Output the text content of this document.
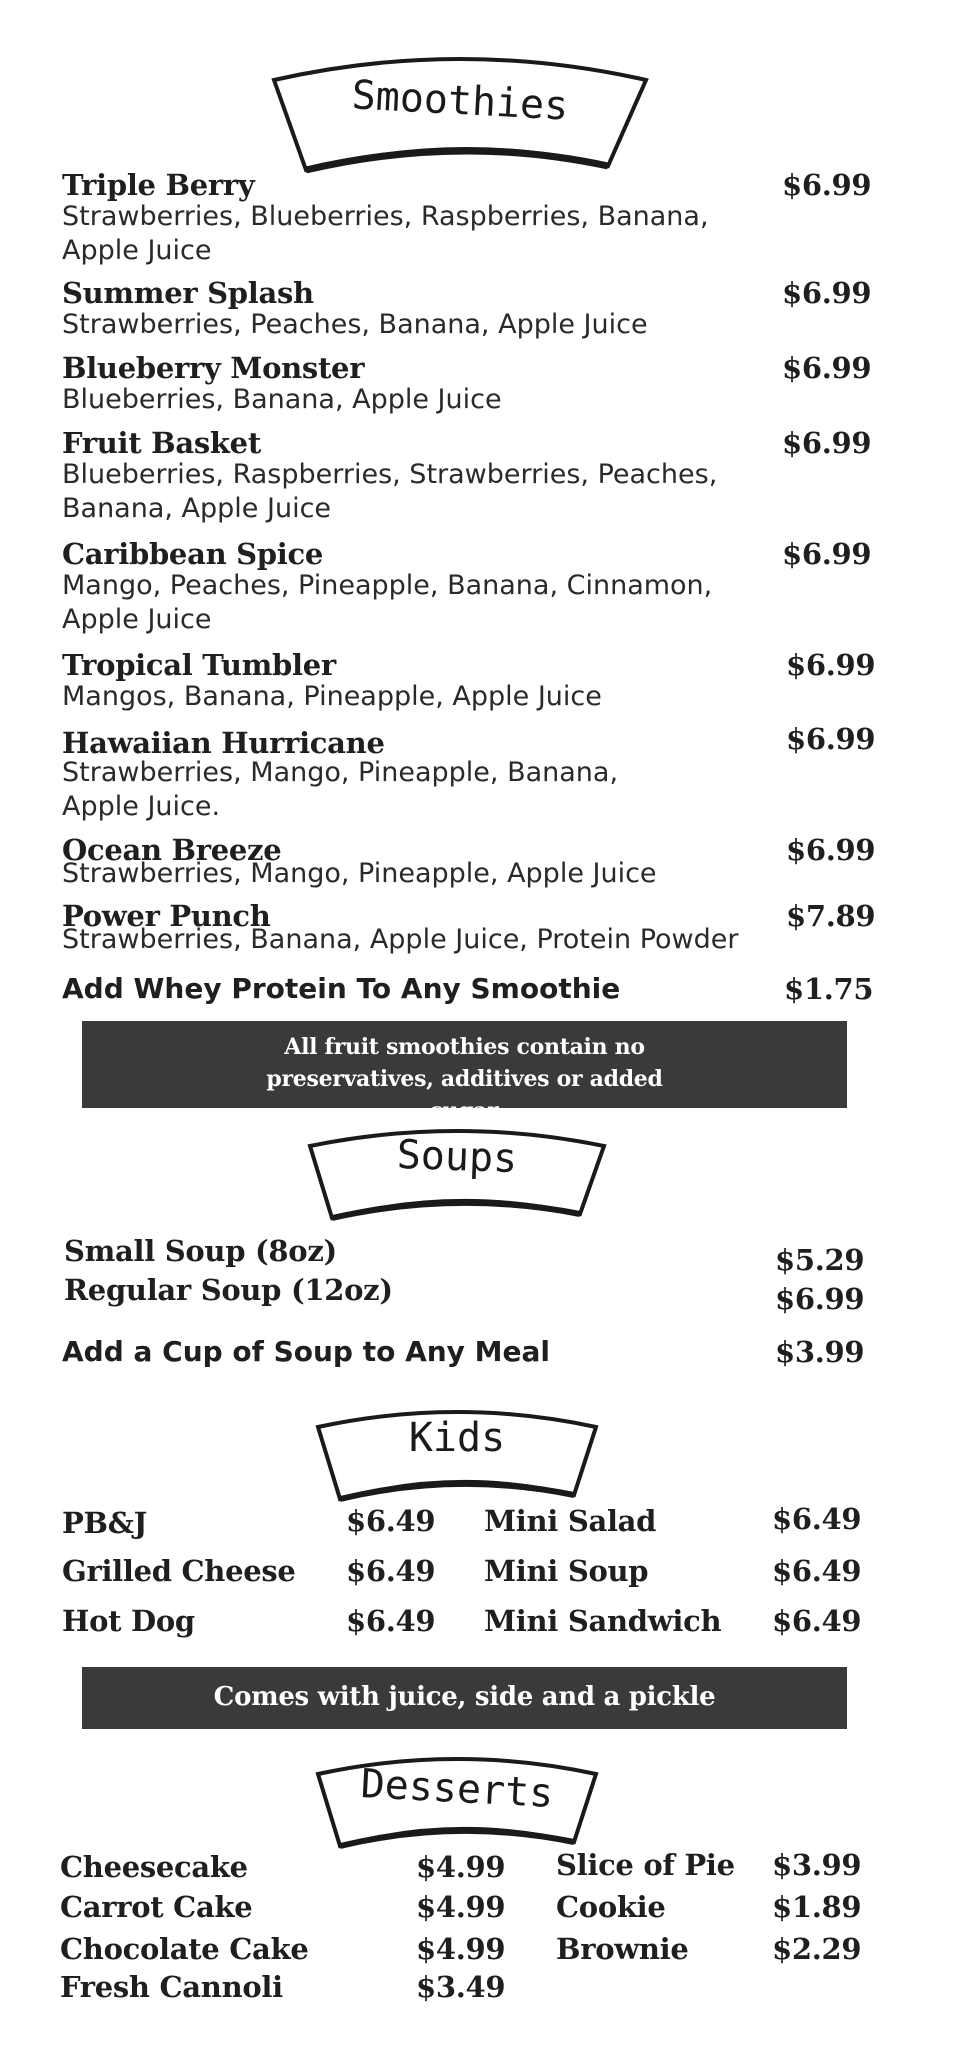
Smoothies
Triple Berry	$6.99
Strawberries, Blueberries, Raspberries, Banana, Apple Juice
Summer Splash	$6.99
Strawberries, Peaches, Banana, Apple Juice
Blueberry Monster	$6.99
Blueberries, Banana, Apple Juice
Fruit Basket	$6.99
Blueberries, Raspberries, Strawberries, Peaches, Banana, Apple Juice
Caribbean Spice	$6.99
Mango, Peaches, Pineapple, Banana, Cinnamon, Apple Juice
Tropical Tumbler	$6.99
Mangos, Banana, Pineapple, Apple Juice
Hawaiian Hurricane	$6.99
Strawberries, Mango, Pineapple, Banana, Apple Juice.
Ocean Breeze	$6.99
Strawberries, Mango, Pineapple, Apple Juice
Power Punch	$7.89
Strawberries, Banana, Apple Juice, Protein Powder
Add Whey Protein To Any Smoothie	$1.75
All fruit smoothies contain no preservatives, additives or added sugar
Soups
Small Soup (8oz)	$5.29
Regular Soup (12oz)	$6.99
Add a Cup of Soup to Any Meal	$3.99
Kids
PB&J	$6.49
Grilled Cheese $6.49
Hot Dog	$6.49
Mini Salad	$6.49
Mini Soup	$6.49
Mini Sandwich $6.49
Comes with juice, side and a pickle
Desserts
Cheesecake	$4.99
Carrot Cake	$4.99
Chocolate Cake	$4.99
Fresh Cannoli	$3.49
Slice of Pie $3.99
Cookie	$1.89
Brownie	$2.29
